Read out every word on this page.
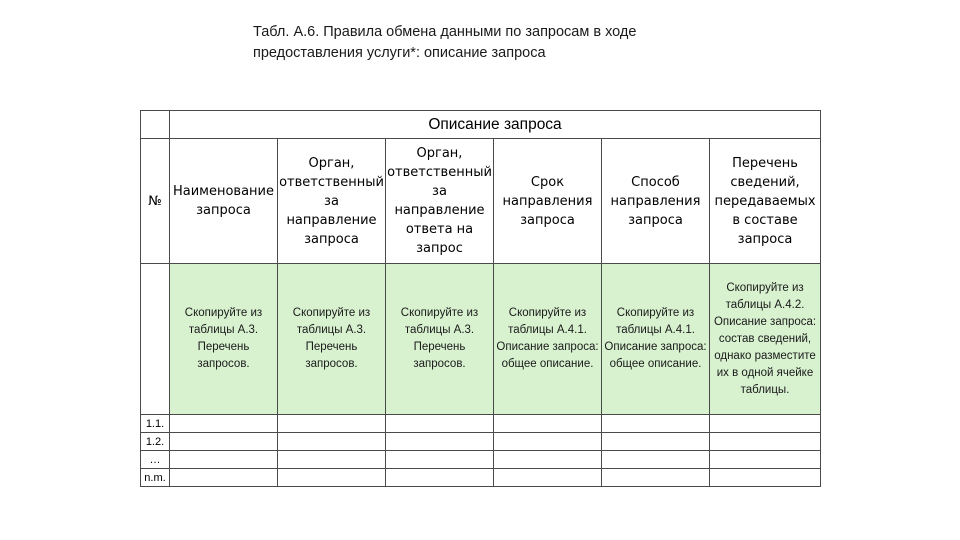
Табл. А.6. Правила обмена данными по запросам в ходе
предоставления услуги*: описание запроса
	Описание запроса					
№	Наименование запроса	Орган, ответственный за направление запроса	Орган, ответственный за направление ответа на запрос	Срок направления запроса	Способ направления запроса	Перечень сведений, передаваемых в составе запроса

	Скопируйте из таблицы А.3. Перечень запросов.	Скопируйте из таблицы А.3. Перечень запросов.	Скопируйте из таблицы А.3. Перечень запросов.	Скопируйте из таблицы А.4.1. Описание запроса: общее описание.	Скопируйте из таблицы А.4.1. Описание запроса: общее описание.	Скопируйте из таблицы А.4.2. Описание запроса: состав сведений, однако разместите их в одной ячейке таблицы.

1.1.						
1.2.						
…						
n.m.						
